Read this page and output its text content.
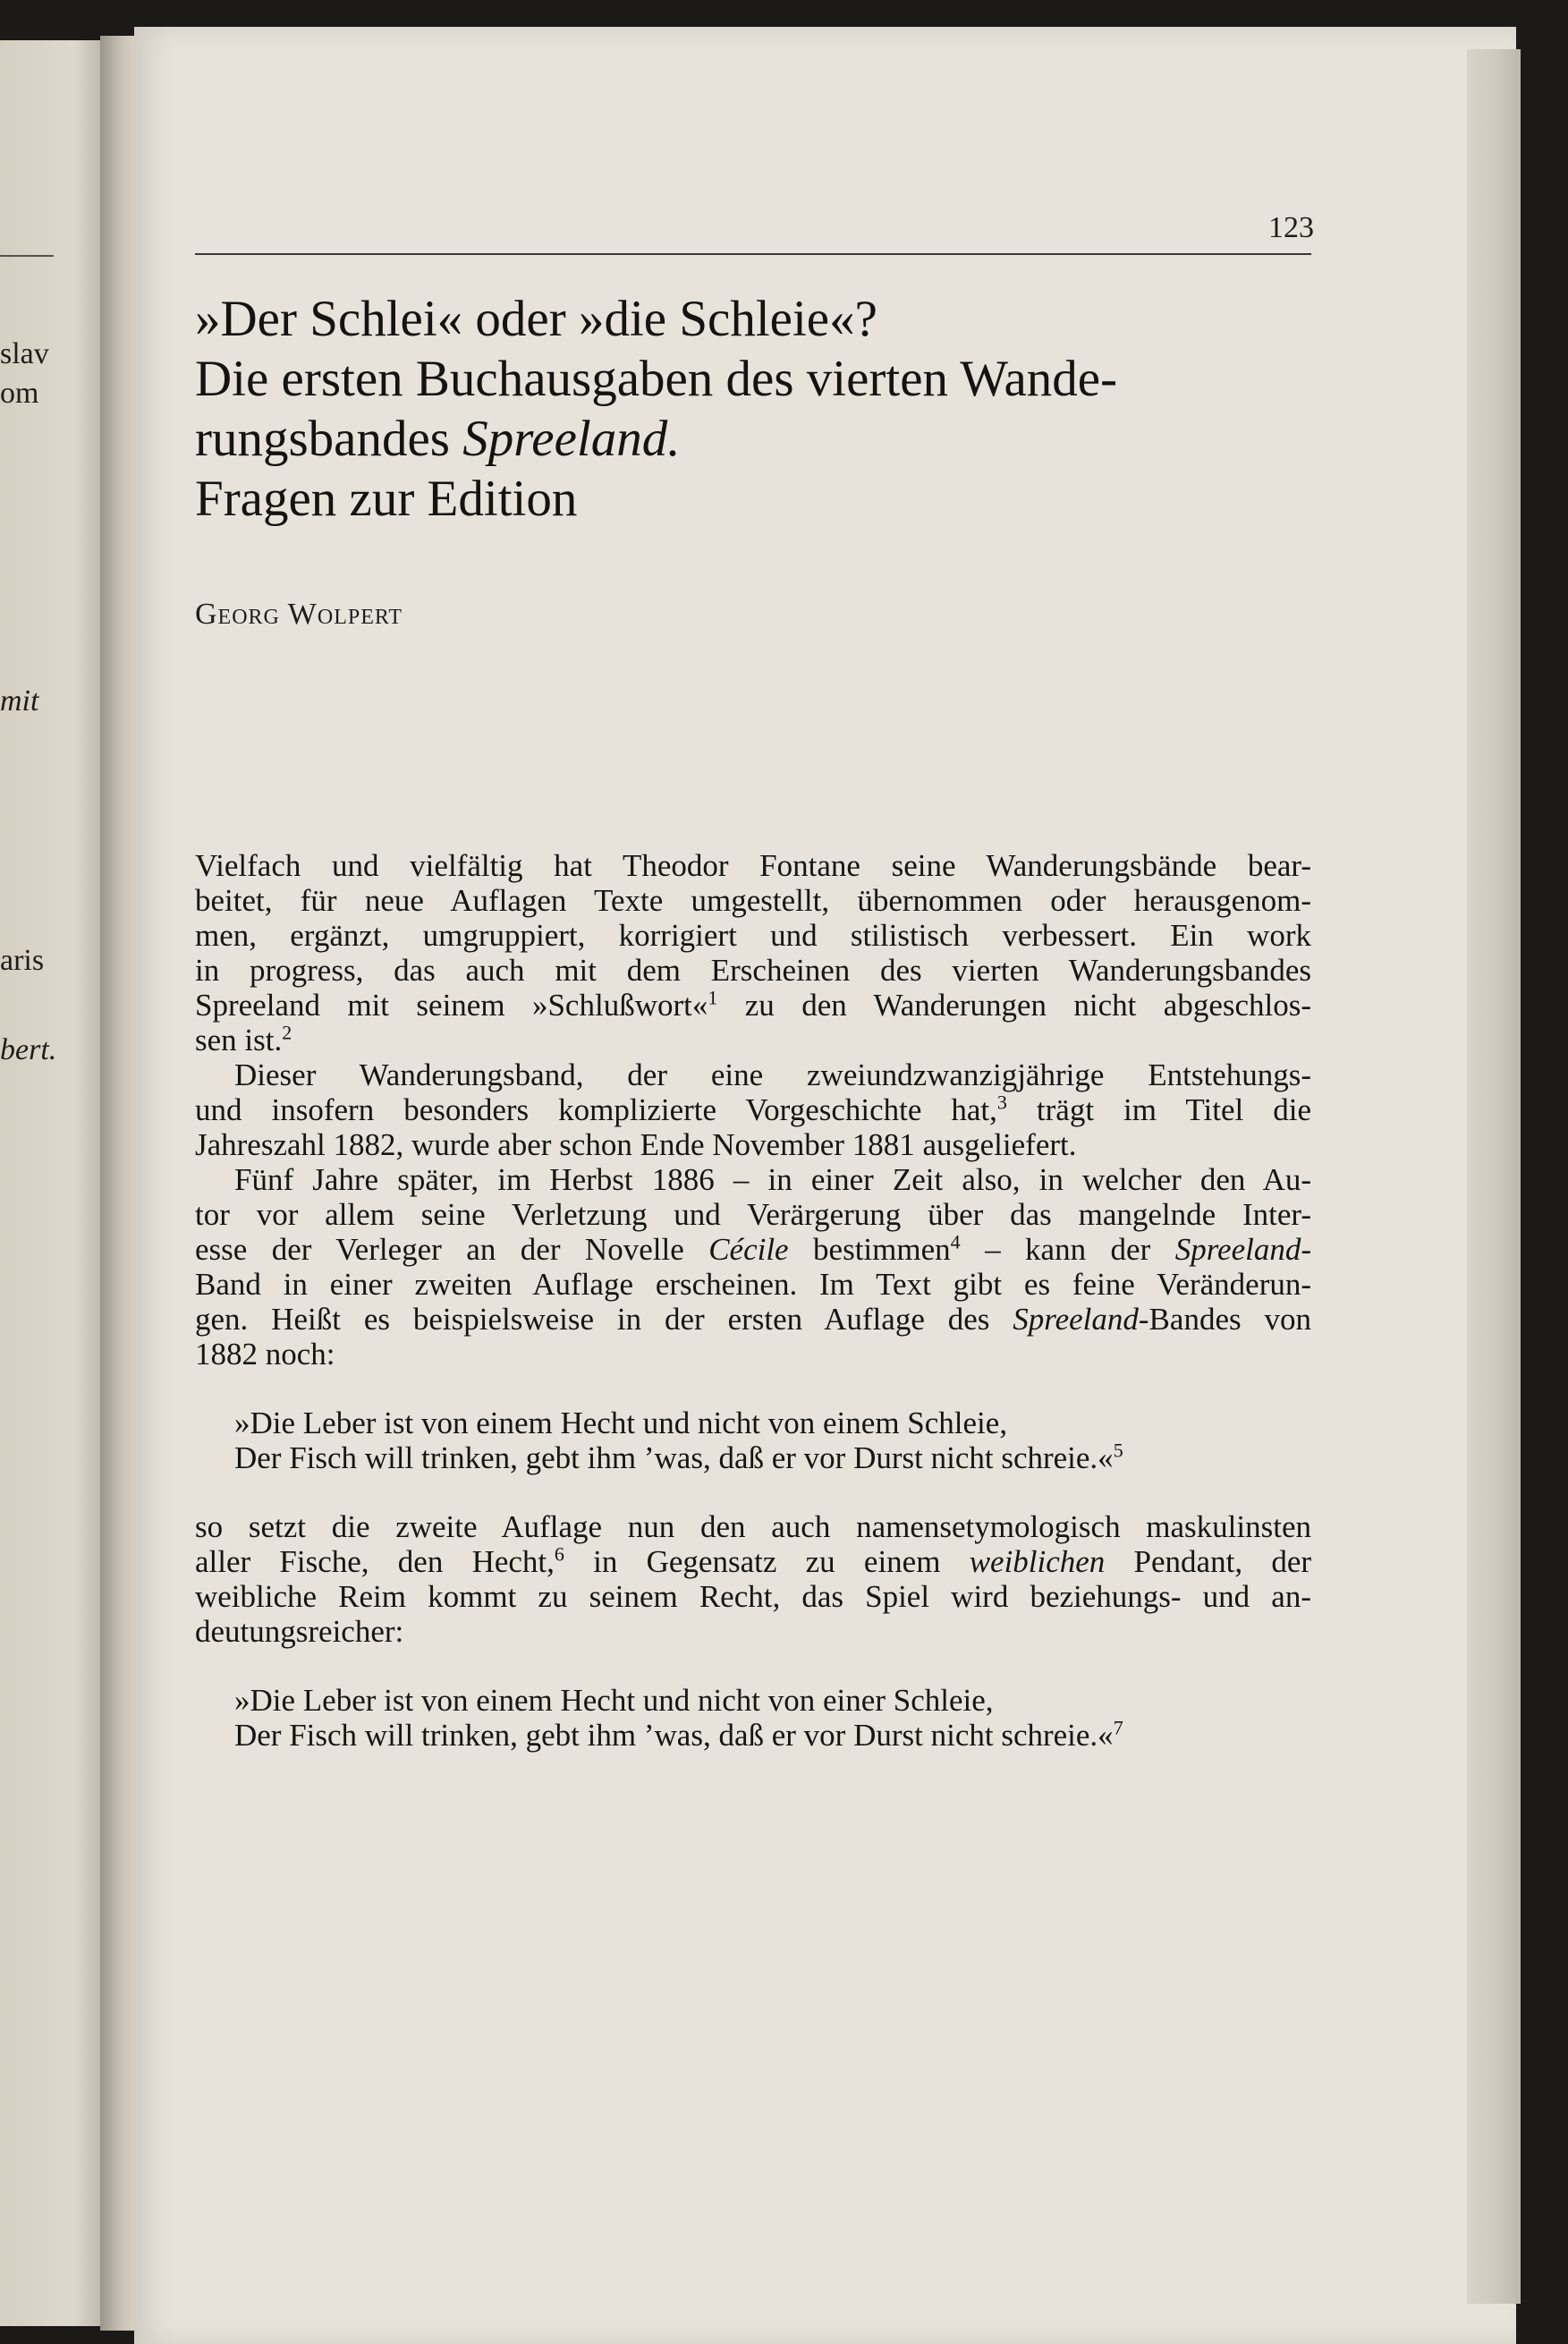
slav
om
mit
aris
bert.
123
»Der Schlei« oder »die Schleie«?
Die ersten Buchausgaben des vierten Wande-
rungsbandes Spreeland.
Fragen zur Edition
Georg Wolpert

Vielfach und vielfältig hat Theodor Fontane seine Wanderungsbände bear-
beitet, für neue Auflagen Texte umgestellt, übernommen oder herausgenom-
men, ergänzt, umgruppiert, korrigiert und stilistisch verbessert. Ein work
in progress, das auch mit dem Erscheinen des vierten Wanderungsbandes
Spreeland mit seinem »Schlußwort«$^1$ zu den Wanderungen nicht abgeschlos-
sen ist.$^2$

Dieser Wanderungsband, der eine zweiundzwanzigjährige Entstehungs-
und insofern besonders komplizierte Vorgeschichte hat,$^3$ trägt im Titel die
Jahreszahl 1882, wurde aber schon Ende November 1881 ausgeliefert.

Fünf Jahre später, im Herbst 1886 – in einer Zeit also, in welcher den Au-
tor vor allem seine Verletzung und Verärgerung über das mangelnde Inter-
esse der Verleger an der Novelle Cécile bestimmen$^4$ – kann der Spreeland-
Band in einer zweiten Auflage erscheinen. Im Text gibt es feine Veränderun-
gen. Heißt es beispielsweise in der ersten Auflage des Spreeland-Bandes von
1882 noch:

»Die Leber ist von einem Hecht und nicht von einem Schleie,
Der Fisch will trinken, gebt ihm ’was, daß er vor Durst nicht schreie.«$^5$

so setzt die zweite Auflage nun den auch namensetymologisch maskulinsten
aller Fische, den Hecht,$^6$ in Gegensatz zu einem weiblichen Pendant, der
weibliche Reim kommt zu seinem Recht, das Spiel wird beziehungs- und an-
deutungsreicher:

»Die Leber ist von einem Hecht und nicht von einer Schleie,
Der Fisch will trinken, gebt ihm ’was, daß er vor Durst nicht schreie.«$^7$
